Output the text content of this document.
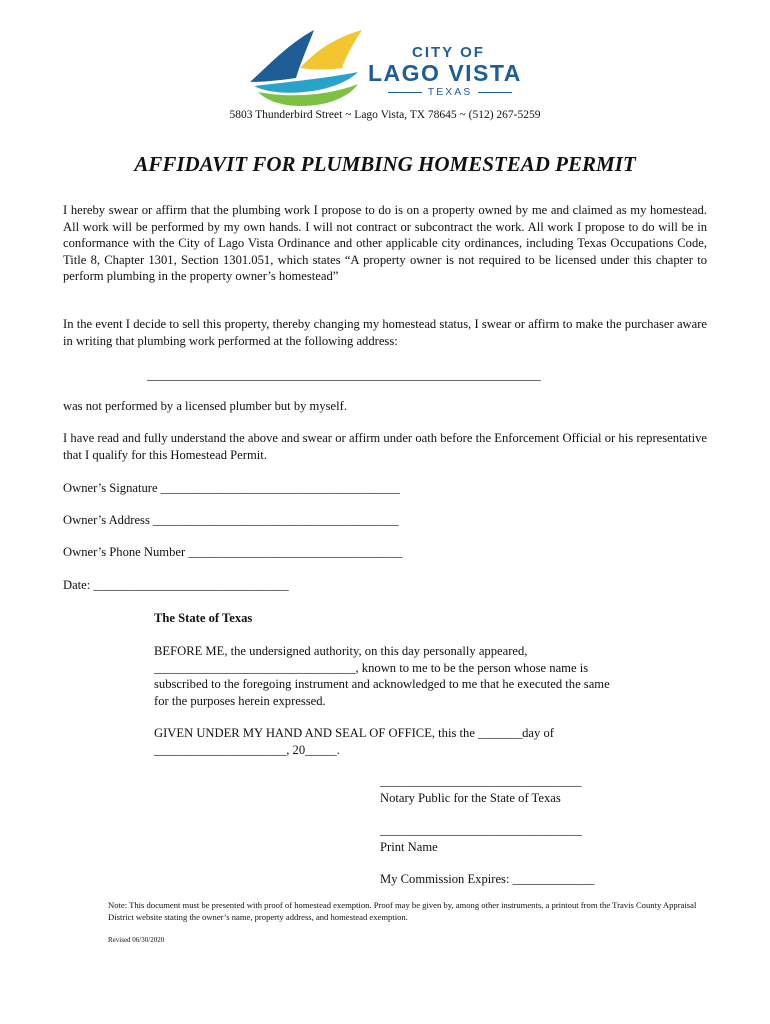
CITY OF
LAGO VISTA
TEXAS
5803 Thunderbird Street ~ Lago Vista, TX 78645 ~ (512) 267-5259
AFFIDAVIT FOR PLUMBING HOMESTEAD PERMIT
I hereby swear or affirm that the plumbing work I propose to do is on a property owned by me and claimed as my homestead. All work will be performed by my own hands. I will not contract or subcontract the work. All work I propose to do will be in conformance with the City of Lago Vista Ordinance and other applicable city ordinances, including Texas Occupations Code, Title 8, Chapter 1301, Section 1301.051, which states “A property owner is not required to be licensed under this chapter to perform plumbing in the property owner’s homestead”
In the event I decide to sell this property, thereby changing my homestead status, I swear or affirm to make the purchaser aware in writing that plumbing work performed at the following address:
_______________________________________________________________
was not performed by a licensed plumber but by myself.
I have read and fully understand the above and swear or affirm under oath before the Enforcement Official or his representative that I qualify for this Homestead Permit.
Owner’s Signature ______________________________________
Owner’s Address _______________________________________
Owner’s Phone Number __________________________________
Date: _______________________________
The State of Texas
BEFORE ME, the undersigned authority, on this day personally appeared, ________________________________, known to me to be the person whose name is subscribed to the foregoing instrument and acknowledged to me that he executed the same for the purposes herein expressed.
GIVEN UNDER MY HAND AND SEAL OF OFFICE, this the _______day of _____________________, 20_____.
________________________________
Notary Public for the State of Texas
________________________________
Print Name
My Commission Expires: _____________
Note: This document must be presented with proof of homestead exemption. Proof may be given by, among other instruments, a printout from the Travis County Appraisal District website stating the owner’s name, property address, and homestead exemption.
Revised 06/30/2020
